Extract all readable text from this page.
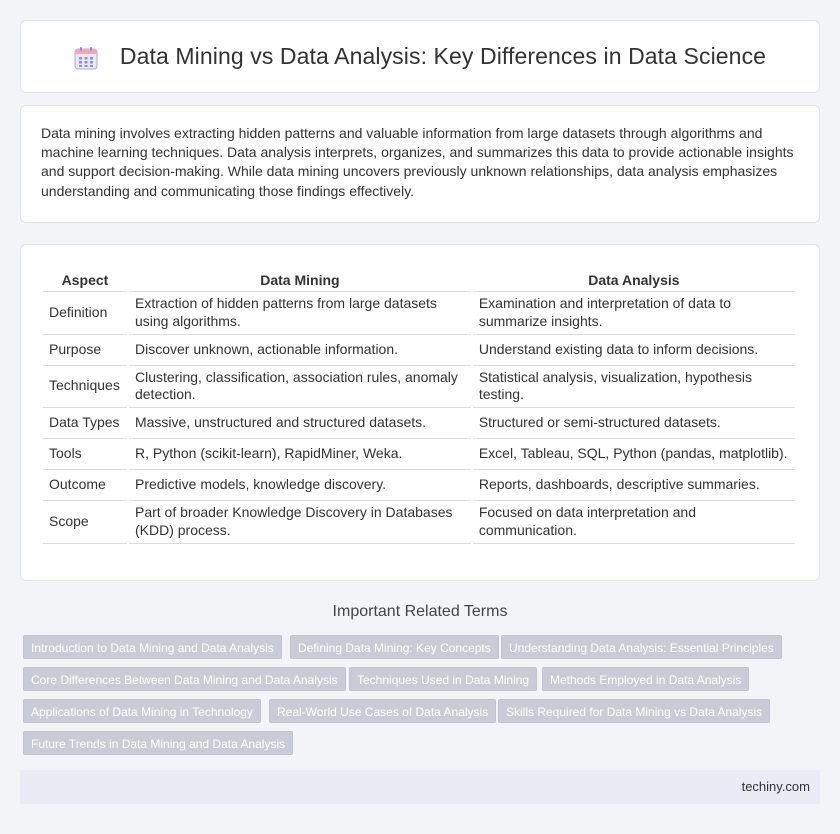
Data Mining vs Data Analysis: Key Differences in Data Science

Data mining involves extracting hidden patterns and valuable information from large datasets through algorithms and machine learning techniques. Data analysis interprets, organizes, and summarizes this data to provide actionable insights and support decision-making. While data mining uncovers previously unknown relationships, data analysis emphasizes understanding and communicating those findings effectively.

Aspect	Data Mining	Data Analysis
Definition	Extraction of hidden patterns from large datasets using algorithms.	Examination and interpretation of data to summarize insights.
Purpose	Discover unknown, actionable information.	Understand existing data to inform decisions.
Techniques	Clustering, classification, association rules, anomaly detection.	Statistical analysis, visualization, hypothesis testing.
Data Types	Massive, unstructured and structured datasets.	Structured or semi-structured datasets.
Tools	R, Python (scikit-learn), RapidMiner, Weka.	Excel, Tableau, SQL, Python (pandas, matplotlib).
Outcome	Predictive models, knowledge discovery.	Reports, dashboards, descriptive summaries.
Scope	Part of broader Knowledge Discovery in Databases (KDD) process.	Focused on data interpretation and communication.
Important Related Terms
Introduction to Data Mining and Data Analysis	Defining Data Mining: Key Concepts	Understanding Data Analysis: Essential Principles
Core Differences Between Data Mining and Data Analysis	Techniques Used in Data Mining	Methods Employed in Data Analysis
Applications of Data Mining in Technology	Real-World Use Cases of Data Analysis	Skills Required for Data Mining vs Data Analysis
Future Trends in Data Mining and Data Analysis
techiny.com
